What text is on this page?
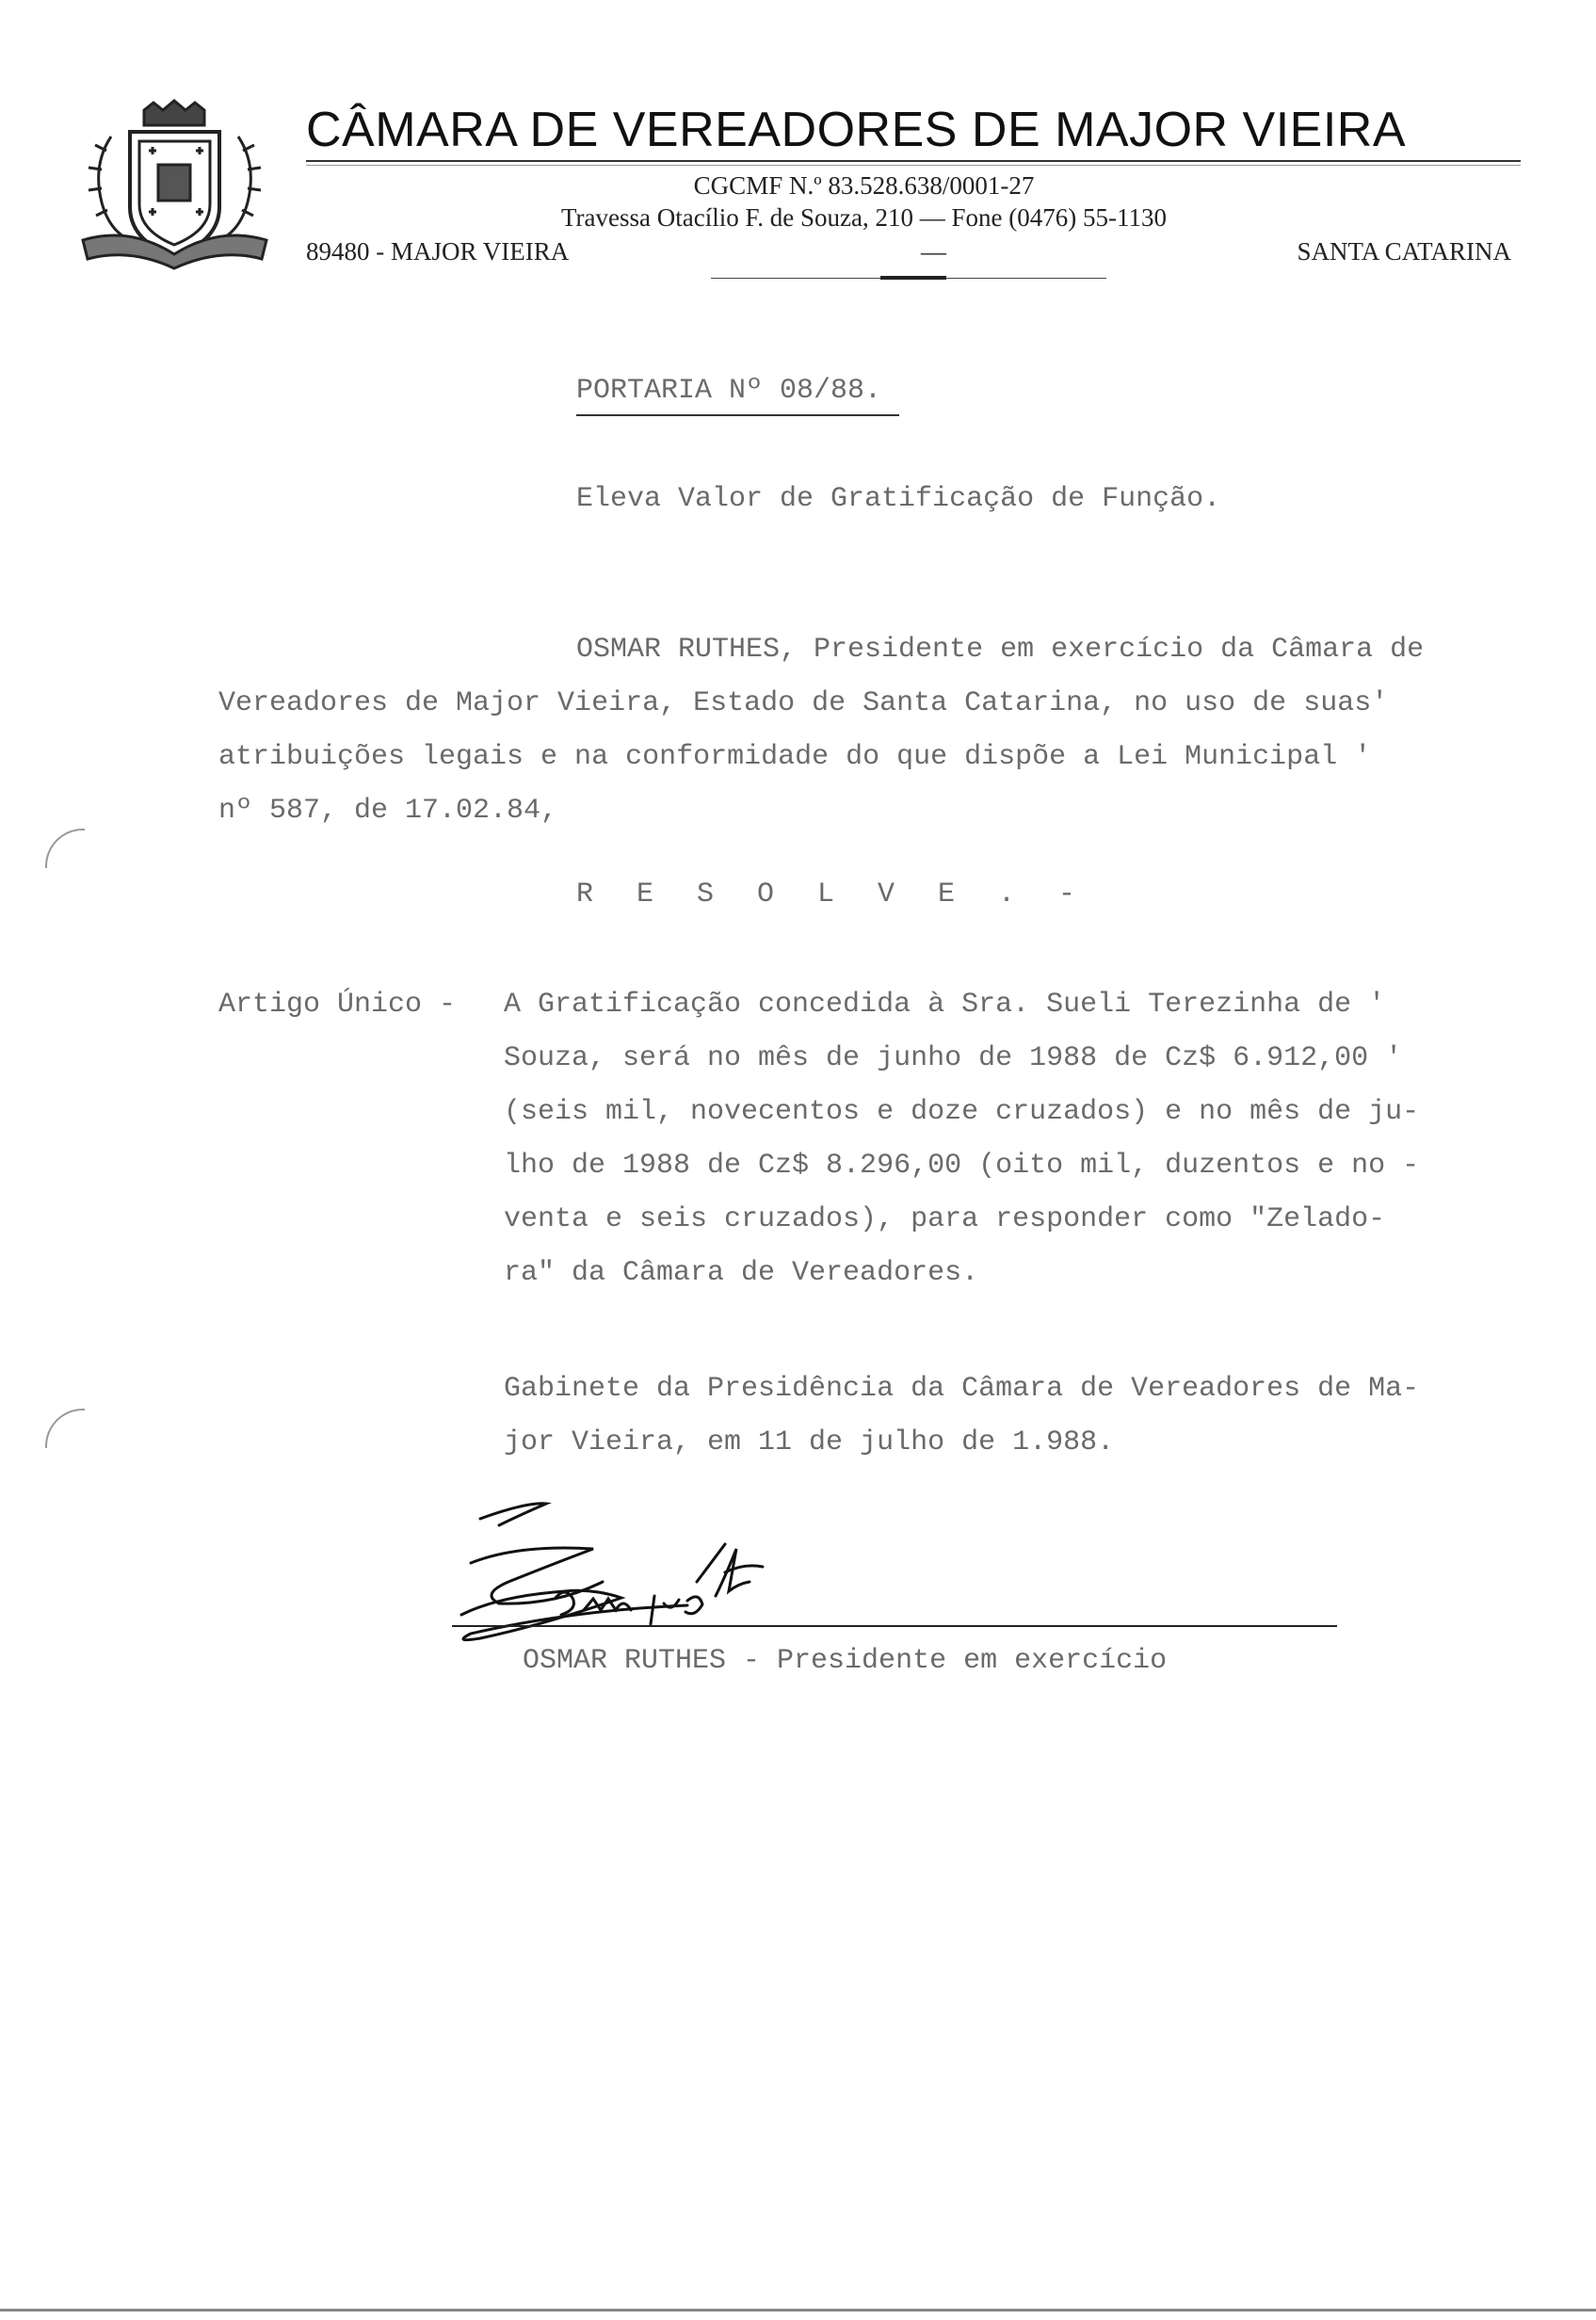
CÂMARA DE VEREADORES DE MAJOR VIEIRA
CGCMF N.º 83.528.638/0001-27
Travessa Otacílio F. de Souza, 210 — Fone (0476) 55-1130
89480 - MAJOR VIEIRA	—	SANTA CATARINA
PORTARIA Nº 08/88.
Eleva Valor de Gratificação de Função.
OSMAR RUTHES, Presidente em exercício da Câmara de
Vereadores de Major Vieira, Estado de Santa Catarina, no uso de suas'
atribuições legais e na conformidade do que dispõe a Lei Municipal '
nº 587, de 17.02.84,
R E S O L V E . -
Artigo Único - A Gratificação concedida à Sra. Sueli Terezinha de '
Souza, será no mês de junho de 1988 de Cz$ 6.912,00 '
(seis mil, novecentos e doze cruzados) e no mês de ju-
lho de 1988 de Cz$ 8.296,00 (oito mil, duzentos e no -
venta e seis cruzados), para responder como "Zelado-
ra" da Câmara de Vereadores.
Gabinete da Presidência da Câmara de Vereadores de Ma-
jor Vieira, em 11 de julho de 1.988.
OSMAR RUTHES - Presidente em exercício
